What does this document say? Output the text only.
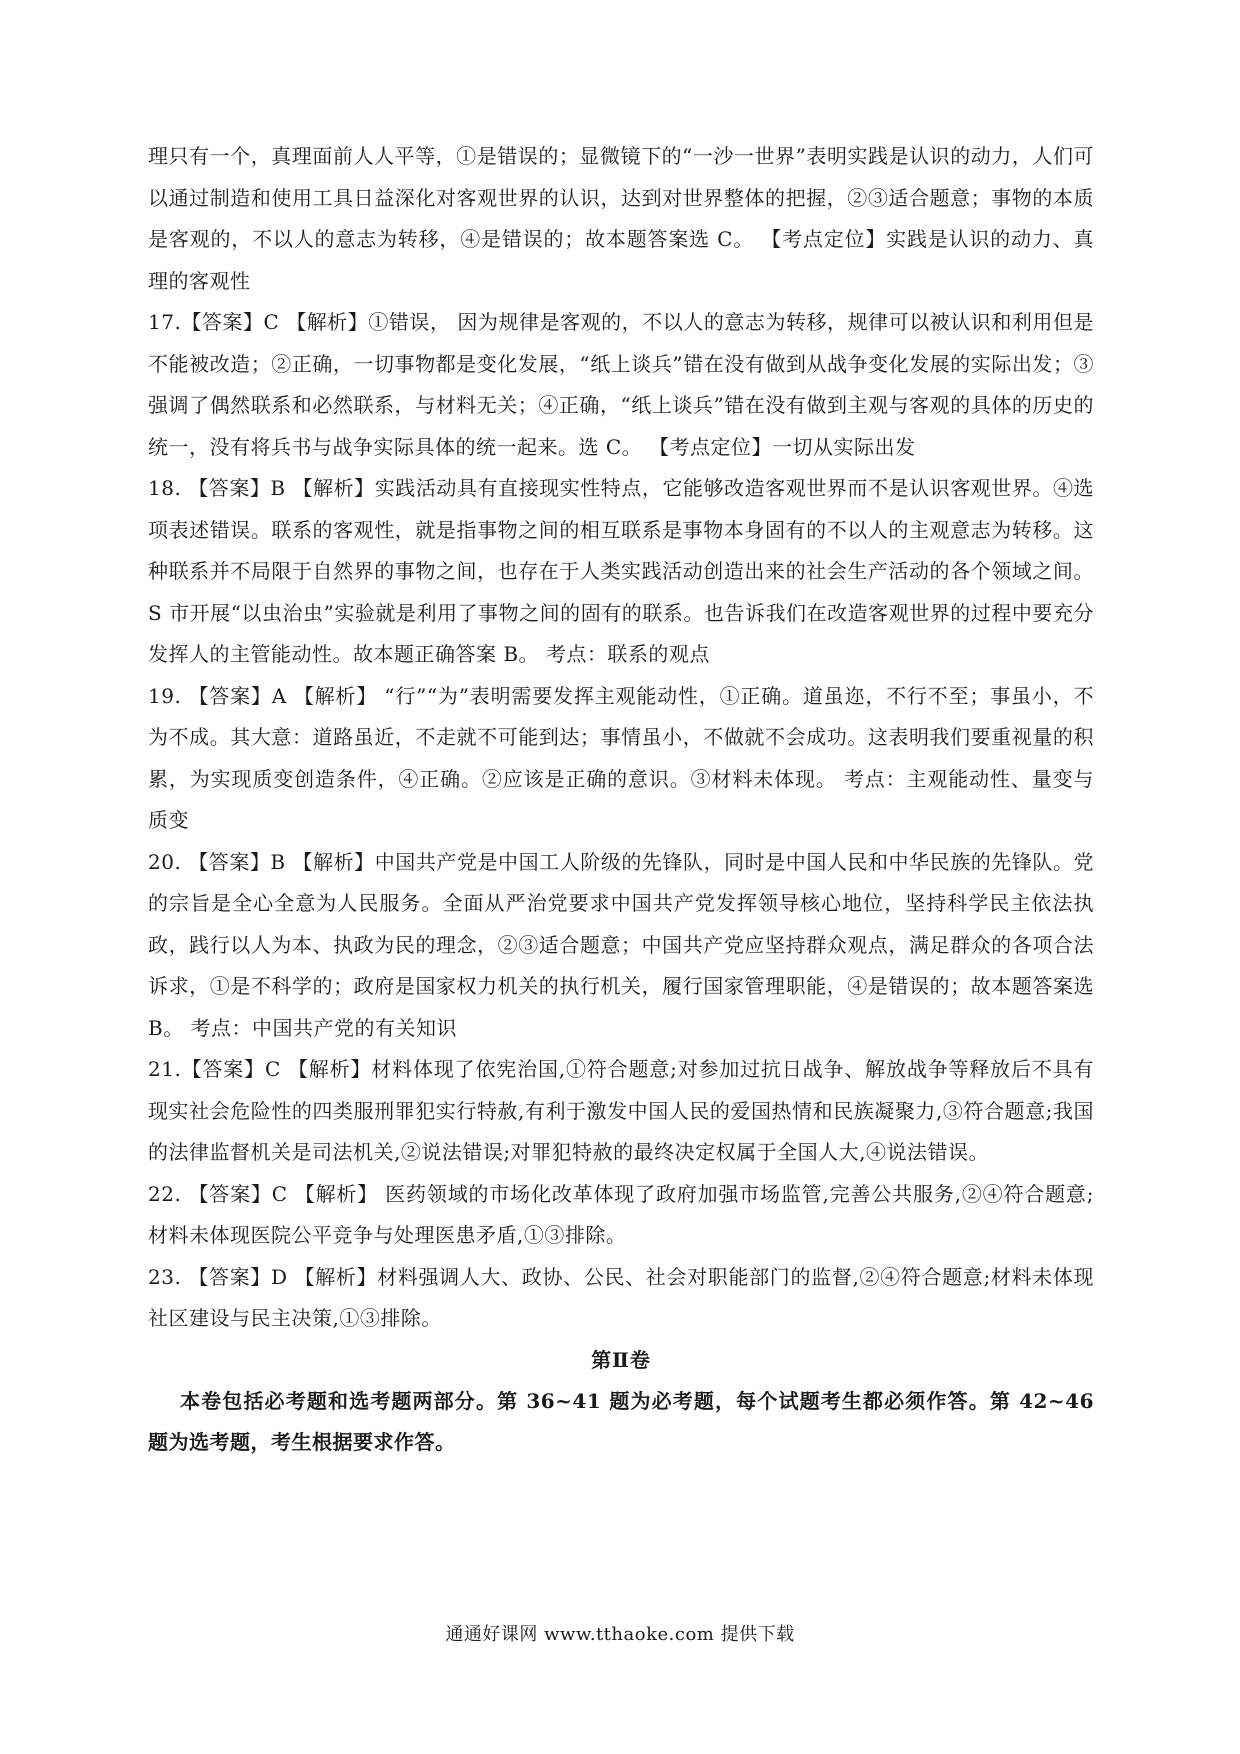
理只有一个，真理面前人人平等，①是错误的；显微镜下的“一沙一世界”表明实践是认识的动力，人们可以通过制造和使用工具日益深化对客观世界的认识，达到对世界整体的把握，②③适合题意；事物的本质是客观的，不以人的意志为转移，④是错误的；故本题答案选 C。 【考点定位】实践是认识的动力、真理的客观性

17.【答案】C 【解析】①错误， 因为规律是客观的，不以人的意志为转移，规律可以被认识和利用但是不能被改造；②正确，一切事物都是变化发展，“纸上谈兵”错在没有做到从战争变化发展的实际出发；③强调了偶然联系和必然联系，与材料无关；④正确，“纸上谈兵”错在没有做到主观与客观的具体的历史的统一，没有将兵书与战争实际具体的统一起来。选 C。 【考点定位】一切从实际出发

18. 【答案】B 【解析】实践活动具有直接现实性特点，它能够改造客观世界而不是认识客观世界。④选项表述错误。联系的客观性，就是指事物之间的相互联系是事物本身固有的不以人的主观意志为转移。这种联系并不局限于自然界的事物之间，也存在于人类实践活动创造出来的社会生产活动的各个领域之间。S 市开展“以虫治虫”实验就是利用了事物之间的固有的联系。也告诉我们在改造客观世界的过程中要充分发挥人的主管能动性。故本题正确答案 B。 考点：联系的观点

19. 【答案】A 【解析】 “行”“为”表明需要发挥主观能动性，①正确。道虽迩，不行不至；事虽小，不为不成。其大意：道路虽近，不走就不可能到达；事情虽小，不做就不会成功。这表明我们要重视量的积累，为实现质变创造条件，④正确。②应该是正确的意识。③材料未体现。 考点：主观能动性、量变与质变

20. 【答案】B 【解析】中国共产党是中国工人阶级的先锋队，同时是中国人民和中华民族的先锋队。党的宗旨是全心全意为人民服务。全面从严治党要求中国共产党发挥领导核心地位，坚持科学民主依法执政，践行以人为本、执政为民的理念，②③适合题意；中国共产党应坚持群众观点，满足群众的各项合法诉求，①是不科学的；政府是国家权力机关的执行机关，履行国家管理职能，④是错误的；故本题答案选 B。 考点：中国共产党的有关知识

21.【答案】C 【解析】材料体现了依宪治国,①符合题意;对参加过抗日战争、解放战争等释放后不具有现实社会危险性的四类服刑罪犯实行特赦,有利于激发中国人民的爱国热情和民族凝聚力,③符合题意;我国的法律监督机关是司法机关,②说法错误;对罪犯特赦的最终决定权属于全国人大,④说法错误。

22. 【答案】C 【解析】 医药领域的市场化改革体现了政府加强市场监管,完善公共服务,②④符合题意;材料未体现医院公平竞争与处理医患矛盾,①③排除。

23. 【答案】D 【解析】材料强调人大、政协、公民、社会对职能部门的监督,②④符合题意;材料未体现社区建设与民主决策,①③排除。

第Ⅱ卷

本卷包括必考题和选考题两部分。第 36~41 题为必考题，每个试题考生都必须作答。第 42~46 题为选考题，考生根据要求作答。

通通好课网 www.tthaoke.com 提供下载
